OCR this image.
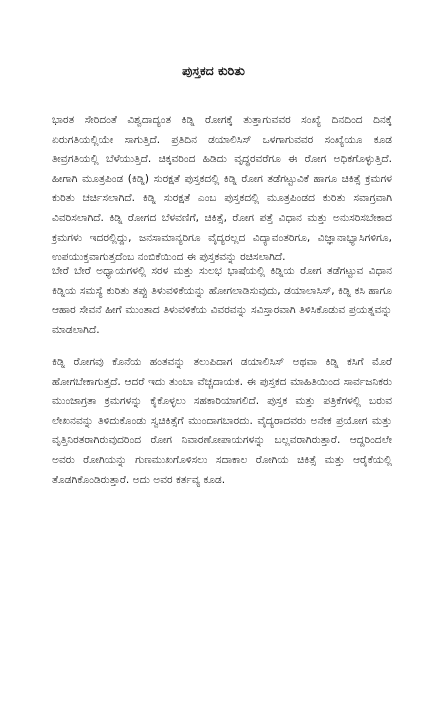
ಪುಸ್ತಕದ ಕುರಿತು

ಭಾರತ ಸೇರಿದಂತೆ ವಿಶ್ವದಾದ್ಯಂತ ಕಿಡ್ನಿ ರೋಗಕ್ಕೆ ತುತ್ತಾಗುವವರ ಸಂಖ್ಯೆ ದಿನದಿಂದ ದಿನಕ್ಕೆ ಏರುಗತಿಯಲ್ಲಿಯೇ ಸಾಗುತ್ತಿದೆ. ಪ್ರತಿದಿನ ಡಯಾಲಿಸಿಸ್ ಒಳಗಾಗುವವರ ಸಂಖ್ಯೆಯೂ ಕೂಡ ತೀವ್ರಗತಿಯಲ್ಲಿ ಬೆಳೆಯುತ್ತಿದೆ. ಚಿಕ್ಕವರಿಂದ ಹಿಡಿದು ವೃದ್ಧರವರೆಗೂ ಈ ರೋಗ ಅಧಿಕಗೊಳ್ಳುತ್ತಿದೆ. ಹೀಗಾಗಿ ಮೂತ್ರಪಿಂಡ (ಕಿಡ್ನಿ) ಸುರಕ್ಷತೆ ಪುಸ್ತಕದಲ್ಲಿ ಕಿಡ್ನಿ ರೋಗ ತಡೆಗಟ್ಟುವಿಕೆ ಹಾಗೂ ಚಿಕಿತ್ಸೆ ಕ್ರಮಗಳ ಕುರಿತು ಚರ್ಚಿಸಲಾಗಿದೆ. ಕಿಡ್ನಿ ಸುರಕ್ಷತೆ ಎಂಬ ಪುಸ್ತಕದಲ್ಲಿ ಮೂತ್ರಪಿಂಡದ ಕುರಿತು ಸವಾಗ್ರವಾಗಿ ವಿವರಿಸಲಾಗಿದೆ. ಕಿಡ್ನಿ ರೋಗದ ಬೆಳವಣಿಗೆ, ಚಿಕಿತ್ಸೆ, ರೋಗ ಪತ್ತೆ ವಿಧಾನ ಮತ್ತು ಅನುಸರಿಸಬೇಕಾದ ಕ್ರಮಗಳು ಇದರಲ್ಲಿದ್ದು, ಜನಸಾಮಾನ್ಯರಿಗೂ ವೈದ್ಯರಲ್ಲದ ವಿದ್ಯಾವಂತರಿಗೂ, ವಿಜ್ಞಾನಾಭ್ಯಾಸಿಗಳಿಗೂ, ಉಪಯುಕ್ತವಾಗುತ್ತದೆಂಬ ನಂಬಿಕೆಯಿಂದ ಈ ಪುಸ್ತಕವನ್ನು ರಚಿಸಲಾಗಿದೆ.

ಬೇರೆ ಬೇರೆ ಅಧ್ಯಾಯಗಳಲ್ಲಿ ಸರಳ ಮತ್ತು ಸುಲಭ ಭಾಷೆಯಲ್ಲಿ ಕಿಡ್ನಿಯ ರೋಗ ತಡೆಗಟ್ಟುವ ವಿಧಾನ ಕಿಡ್ನಿಯ ಸಮಸ್ಯೆ ಕುರಿತು ತಪ್ಪು ತಿಳುವಳಿಕೆಯನ್ನು ಹೋಗಲಾಡಿಸುವುದು, ಡಯಾಲಾಸಿಸ್, ಕಿಡ್ನಿ ಕಸಿ ಹಾಗೂ ಆಹಾರ ಸೇವನೆ ಹೀಗೆ ಮುಂತಾದ ತಿಳುವಳಿಕೆಯ ವಿವರವನ್ನು ಸವಿಸ್ತಾರವಾಗಿ ತಿಳಿಸಿಕೊಡುವ ಪ್ರಯತ್ನವನ್ನು ಮಾಡಲಾಗಿದೆ.

ಕಿಡ್ನಿ ರೋಗವು ಕೊನೆಯ ಹಂತವನ್ನು ತಲುಪಿದಾಗ ಡಯಾಲಿಸಿಸ್ ಅಥವಾ ಕಿಡ್ನಿ ಕಸಿಗೆ ಮೊರೆ ಹೋಗಬೇಕಾಗುತ್ತದೆ. ಆದರೆ ಇದು ತುಂಬಾ ವೆಚ್ಚದಾಯಕ. ಈ ಪುಸ್ತಕದ ಮಾಹಿತಿಯಿಂದ ಸಾರ್ವಜನಿಕರು ಮುಂಜಾಗ್ರತಾ ಕ್ರಮಗಳನ್ನು ಕೈಕೊಳ್ಳಲು ಸಹಕಾರಿಯಾಗಲಿದೆ. ಪುಸ್ತಕ ಮತ್ತು ಪತ್ರಿಕೆಗಳಲ್ಲಿ ಬರುವ ಲೇಖನವನ್ನು ತಿಳಿದುಕೊಂಡು ಸ್ವಚಿಕಿತ್ಸೆಗೆ ಮುಂದಾಗಬಾರದು. ವೈದ್ಯರಾದವರು ಅನೇಕ ಪ್ರಯೋಗ ಮತ್ತು ವೃತ್ತಿನಿರತರಾಗಿರುವುದರಿಂದ ರೋಗ ನಿವಾರಣೋಪಾಯಗಳನ್ನು ಬಲ್ಲವರಾಗಿರುತ್ತಾರೆ. ಆದ್ದರಿಂದಲೇ ಅವರು ರೋಗಿಯನ್ನು ಗುಣಮುಖಗೊಳಿಸಲು ಸದಾಕಾಲ ರೋಗಿಯ ಚಿಕಿತ್ಸೆ ಮತ್ತು ಆರೈಕೆಯಲ್ಲಿ ತೊಡಗಿಕೊಂಡಿರುತ್ತಾರೆ. ಅದು ಅವರ ಕರ್ತವ್ಯ ಕೂಡ.
